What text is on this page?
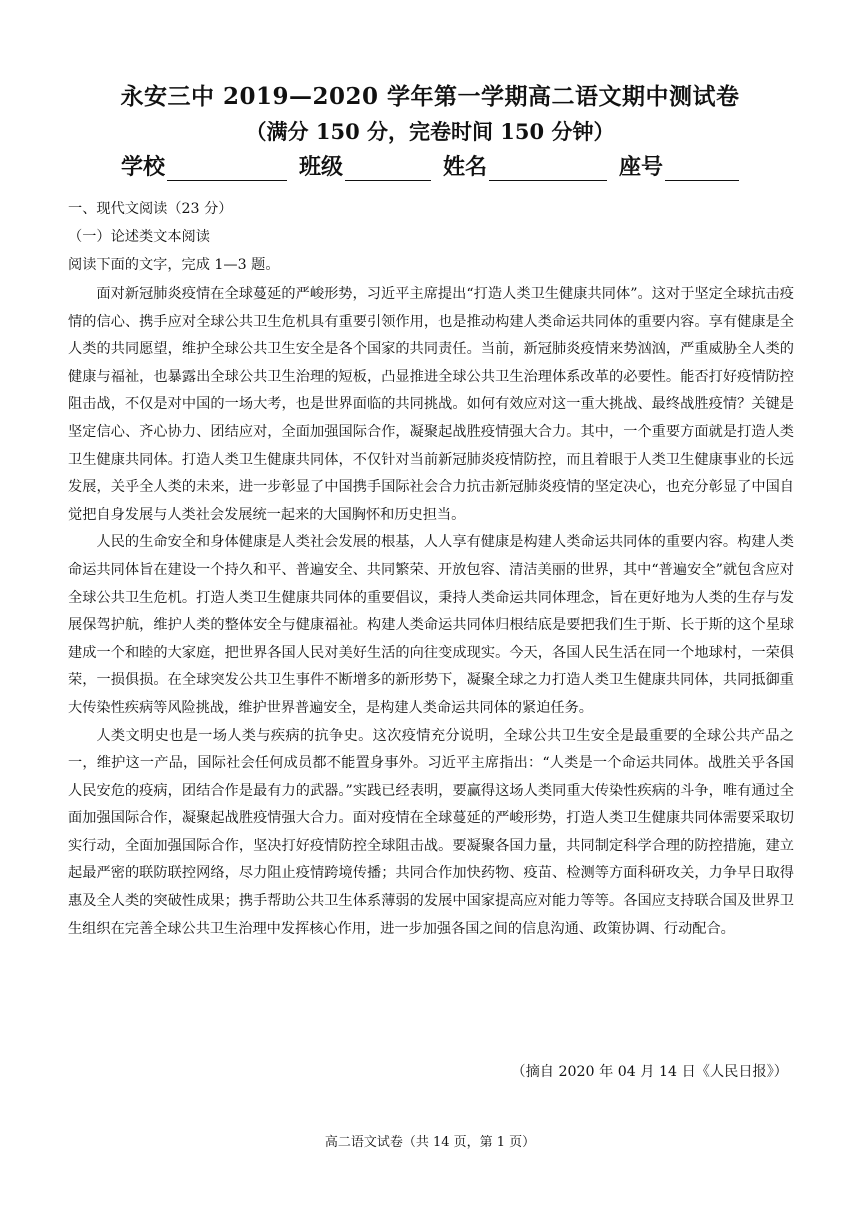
永安三中 2019—2020 学年第一学期高二语文期中测试卷
（满分 150 分，完卷时间 150 分钟）
学校	班级	姓名	座号
一、现代文阅读（23 分）
（一）论述类文本阅读
阅读下面的文字，完成 1—3 题。

面对新冠肺炎疫情在全球蔓延的严峻形势，习近平主席提出“打造人类卫生健康共同体”。这对于坚定全球抗击疫情的信心、携手应对全球公共卫生危机具有重要引领作用，也是推动构建人类命运共同体的重要内容。享有健康是全人类的共同愿望，维护全球公共卫生安全是各个国家的共同责任。当前，新冠肺炎疫情来势汹汹，严重威胁全人类的健康与福祉，也暴露出全球公共卫生治理的短板，凸显推进全球公共卫生治理体系改革的必要性。能否打好疫情防控阻击战，不仅是对中国的一场大考，也是世界面临的共同挑战。如何有效应对这一重大挑战、最终战胜疫情？关键是坚定信心、齐心协力、团结应对，全面加强国际合作，凝聚起战胜疫情强大合力。其中，一个重要方面就是打造人类卫生健康共同体。打造人类卫生健康共同体，不仅针对当前新冠肺炎疫情防控，而且着眼于人类卫生健康事业的长远发展，关乎全人类的未来，进一步彰显了中国携手国际社会合力抗击新冠肺炎疫情的坚定决心，也充分彰显了中国自觉把自身发展与人类社会发展统一起来的大国胸怀和历史担当。

人民的生命安全和身体健康是人类社会发展的根基，人人享有健康是构建人类命运共同体的重要内容。构建人类命运共同体旨在建设一个持久和平、普遍安全、共同繁荣、开放包容、清洁美丽的世界，其中“普遍安全”就包含应对全球公共卫生危机。打造人类卫生健康共同体的重要倡议，秉持人类命运共同体理念，旨在更好地为人类的生存与发展保驾护航，维护人类的整体安全与健康福祉。构建人类命运共同体归根结底是要把我们生于斯、长于斯的这个星球建成一个和睦的大家庭，把世界各国人民对美好生活的向往变成现实。今天，各国人民生活在同一个地球村，一荣俱荣，一损俱损。在全球突发公共卫生事件不断增多的新形势下，凝聚全球之力打造人类卫生健康共同体，共同抵御重大传染性疾病等风险挑战，维护世界普遍安全，是构建人类命运共同体的紧迫任务。

人类文明史也是一场人类与疾病的抗争史。这次疫情充分说明，全球公共卫生安全是最重要的全球公共产品之一，维护这一产品，国际社会任何成员都不能置身事外。习近平主席指出：“人类是一个命运共同体。战胜关乎各国人民安危的疫病，团结合作是最有力的武器。”实践已经表明，要赢得这场人类同重大传染性疾病的斗争，唯有通过全面加强国际合作，凝聚起战胜疫情强大合力。面对疫情在全球蔓延的严峻形势，打造人类卫生健康共同体需要采取切实行动，全面加强国际合作，坚决打好疫情防控全球阻击战。要凝聚各国力量，共同制定科学合理的防控措施，建立起最严密的联防联控网络，尽力阻止疫情跨境传播；共同合作加快药物、疫苗、检测等方面科研攻关，力争早日取得惠及全人类的突破性成果；携手帮助公共卫生体系薄弱的发展中国家提高应对能力等等。各国应支持联合国及世界卫生组织在完善全球公共卫生治理中发挥核心作用，进一步加强各国之间的信息沟通、政策协调、行动配合。

（摘自 2020 年 04 月 14 日《人民日报》）
高二语文试卷（共 14 页，第 1 页）
